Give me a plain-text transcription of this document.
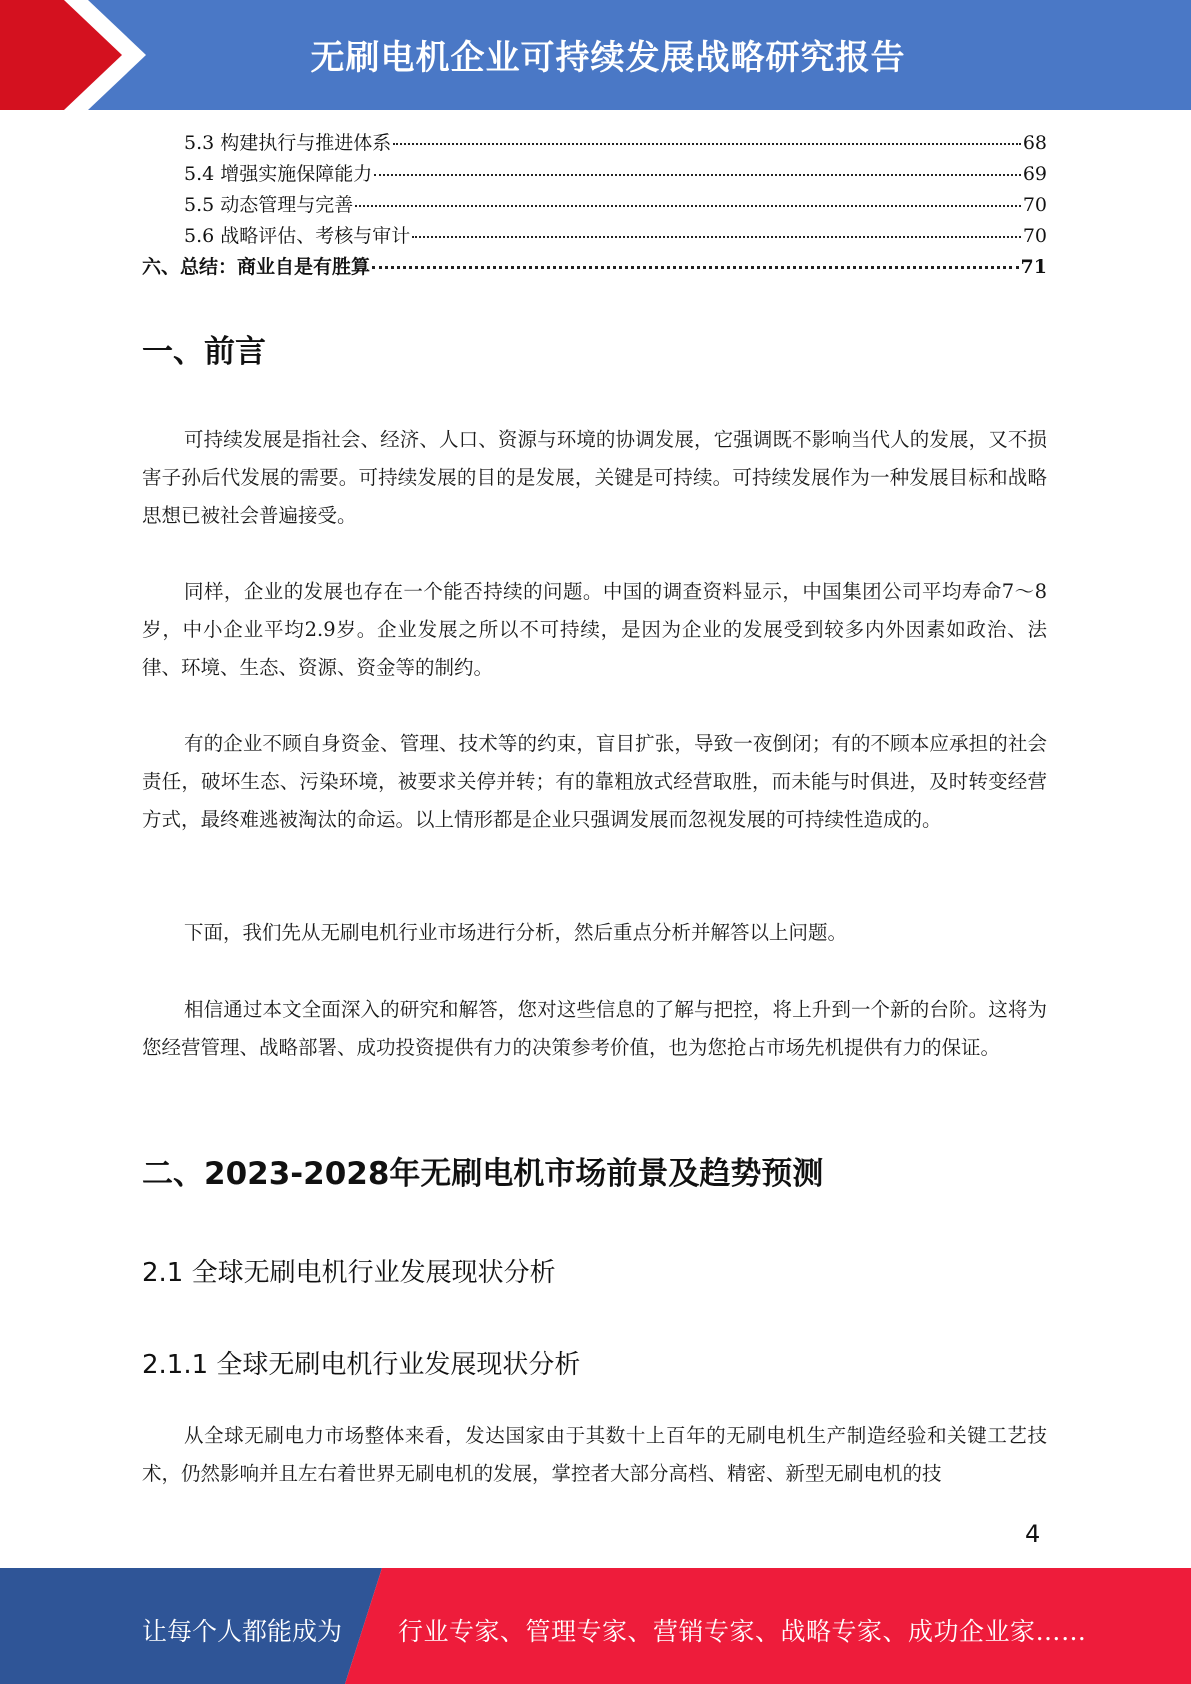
无刷电机企业可持续发展战略研究报告
5.3 构建执行与推进体系	68
5.4 增强实施保障能力	69
5.5 动态管理与完善	70
5.6 战略评估、考核与审计	70
六、总结：商业自是有胜算	71
一、前言

可持续发展是指社会、经济、人口、资源与环境的协调发展，它强调既不影响当代人的发展，又不损害子孙后代发展的需要。可持续发展的目的是发展，关键是可持续。可持续发展作为一种发展目标和战略思想已被社会普遍接受。

同样，企业的发展也存在一个能否持续的问题。中国的调查资料显示，中国集团公司平均寿命7～8岁，中小企业平均2.9岁。企业发展之所以不可持续，是因为企业的发展受到较多内外因素如政治、法律、环境、生态、资源、资金等的制约。

有的企业不顾自身资金、管理、技术等的约束，盲目扩张，导致一夜倒闭；有的不顾本应承担的社会责任，破坏生态、污染环境，被要求关停并转；有的靠粗放式经营取胜，而未能与时俱进，及时转变经营方式，最终难逃被淘汰的命运。以上情形都是企业只强调发展而忽视发展的可持续性造成的。

下面，我们先从无刷电机行业市场进行分析，然后重点分析并解答以上问题。

相信通过本文全面深入的研究和解答，您对这些信息的了解与把控，将上升到一个新的台阶。这将为您经营管理、战略部署、成功投资提供有力的决策参考价值，也为您抢占市场先机提供有力的保证。

二、2023-2028年无刷电机市场前景及趋势预测
2.1 全球无刷电机行业发展现状分析
2.1.1 全球无刷电机行业发展现状分析

从全球无刷电力市场整体来看，发达国家由于其数十上百年的无刷电机生产制造经验和关键工艺技术，仍然影响并且左右着世界无刷电机的发展，掌控者大部分高档、精密、新型无刷电机的技

4
让每个人都能成为 行业专家、管理专家、营销专家、战略专家、成功企业家……
